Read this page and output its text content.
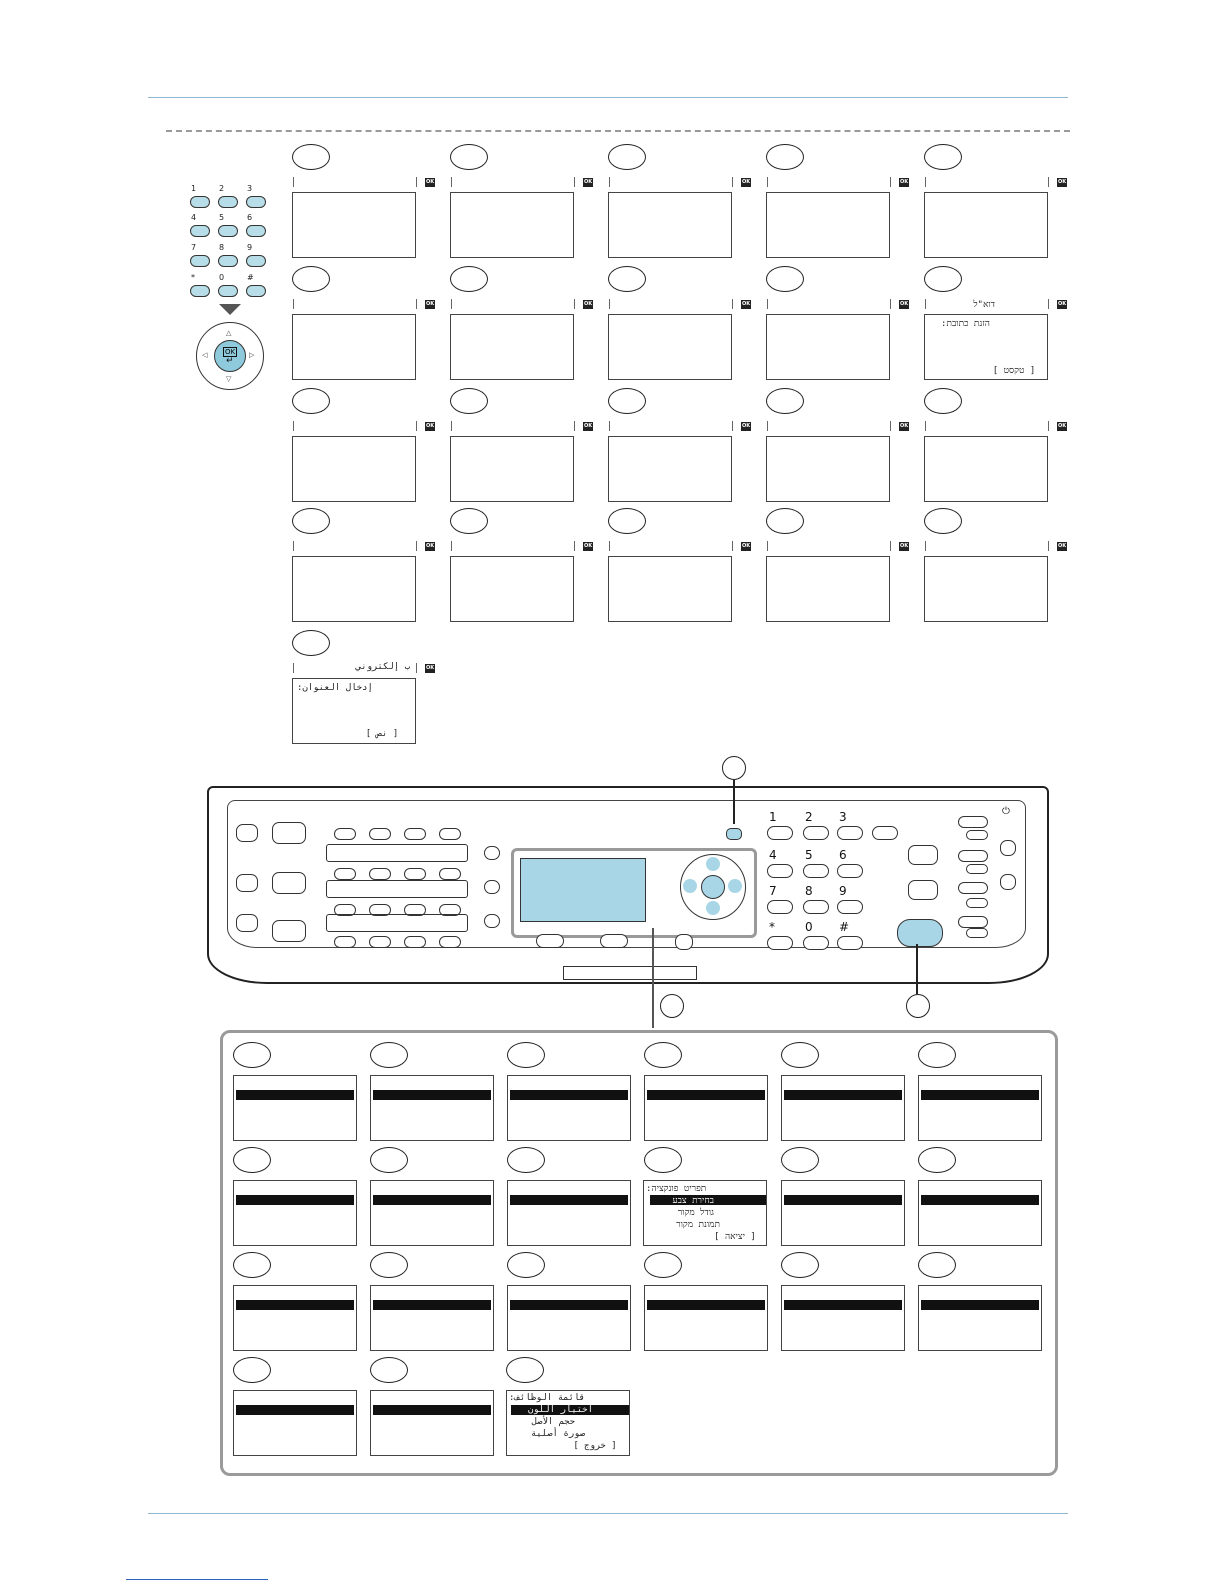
1	2	3
4	5	6
7	8	9
*	0	#
△
▽
◁	▷
OK
↵
OK	OK	OK	OK	OK
OK	OK	OK	OK	OK
OK	OK	OK	OK	OK
OK	OK	OK	OK	OK
דוא"ל
הזנת כתובת:
[ טקסט ]
OK
ب إلكتروني
إدخال العنوان:
[ نص ]
⏻
1 2 3
4 5 6
7 8 9
*	0 #
תפריט פונקציה:
בחירת צבע
גודל מקור
תמונת מקור
[ יציאה ]
قائمة الوظائف:
اختيار اللون
حجم الأصل
صورة أصلية
[ خروج ]
